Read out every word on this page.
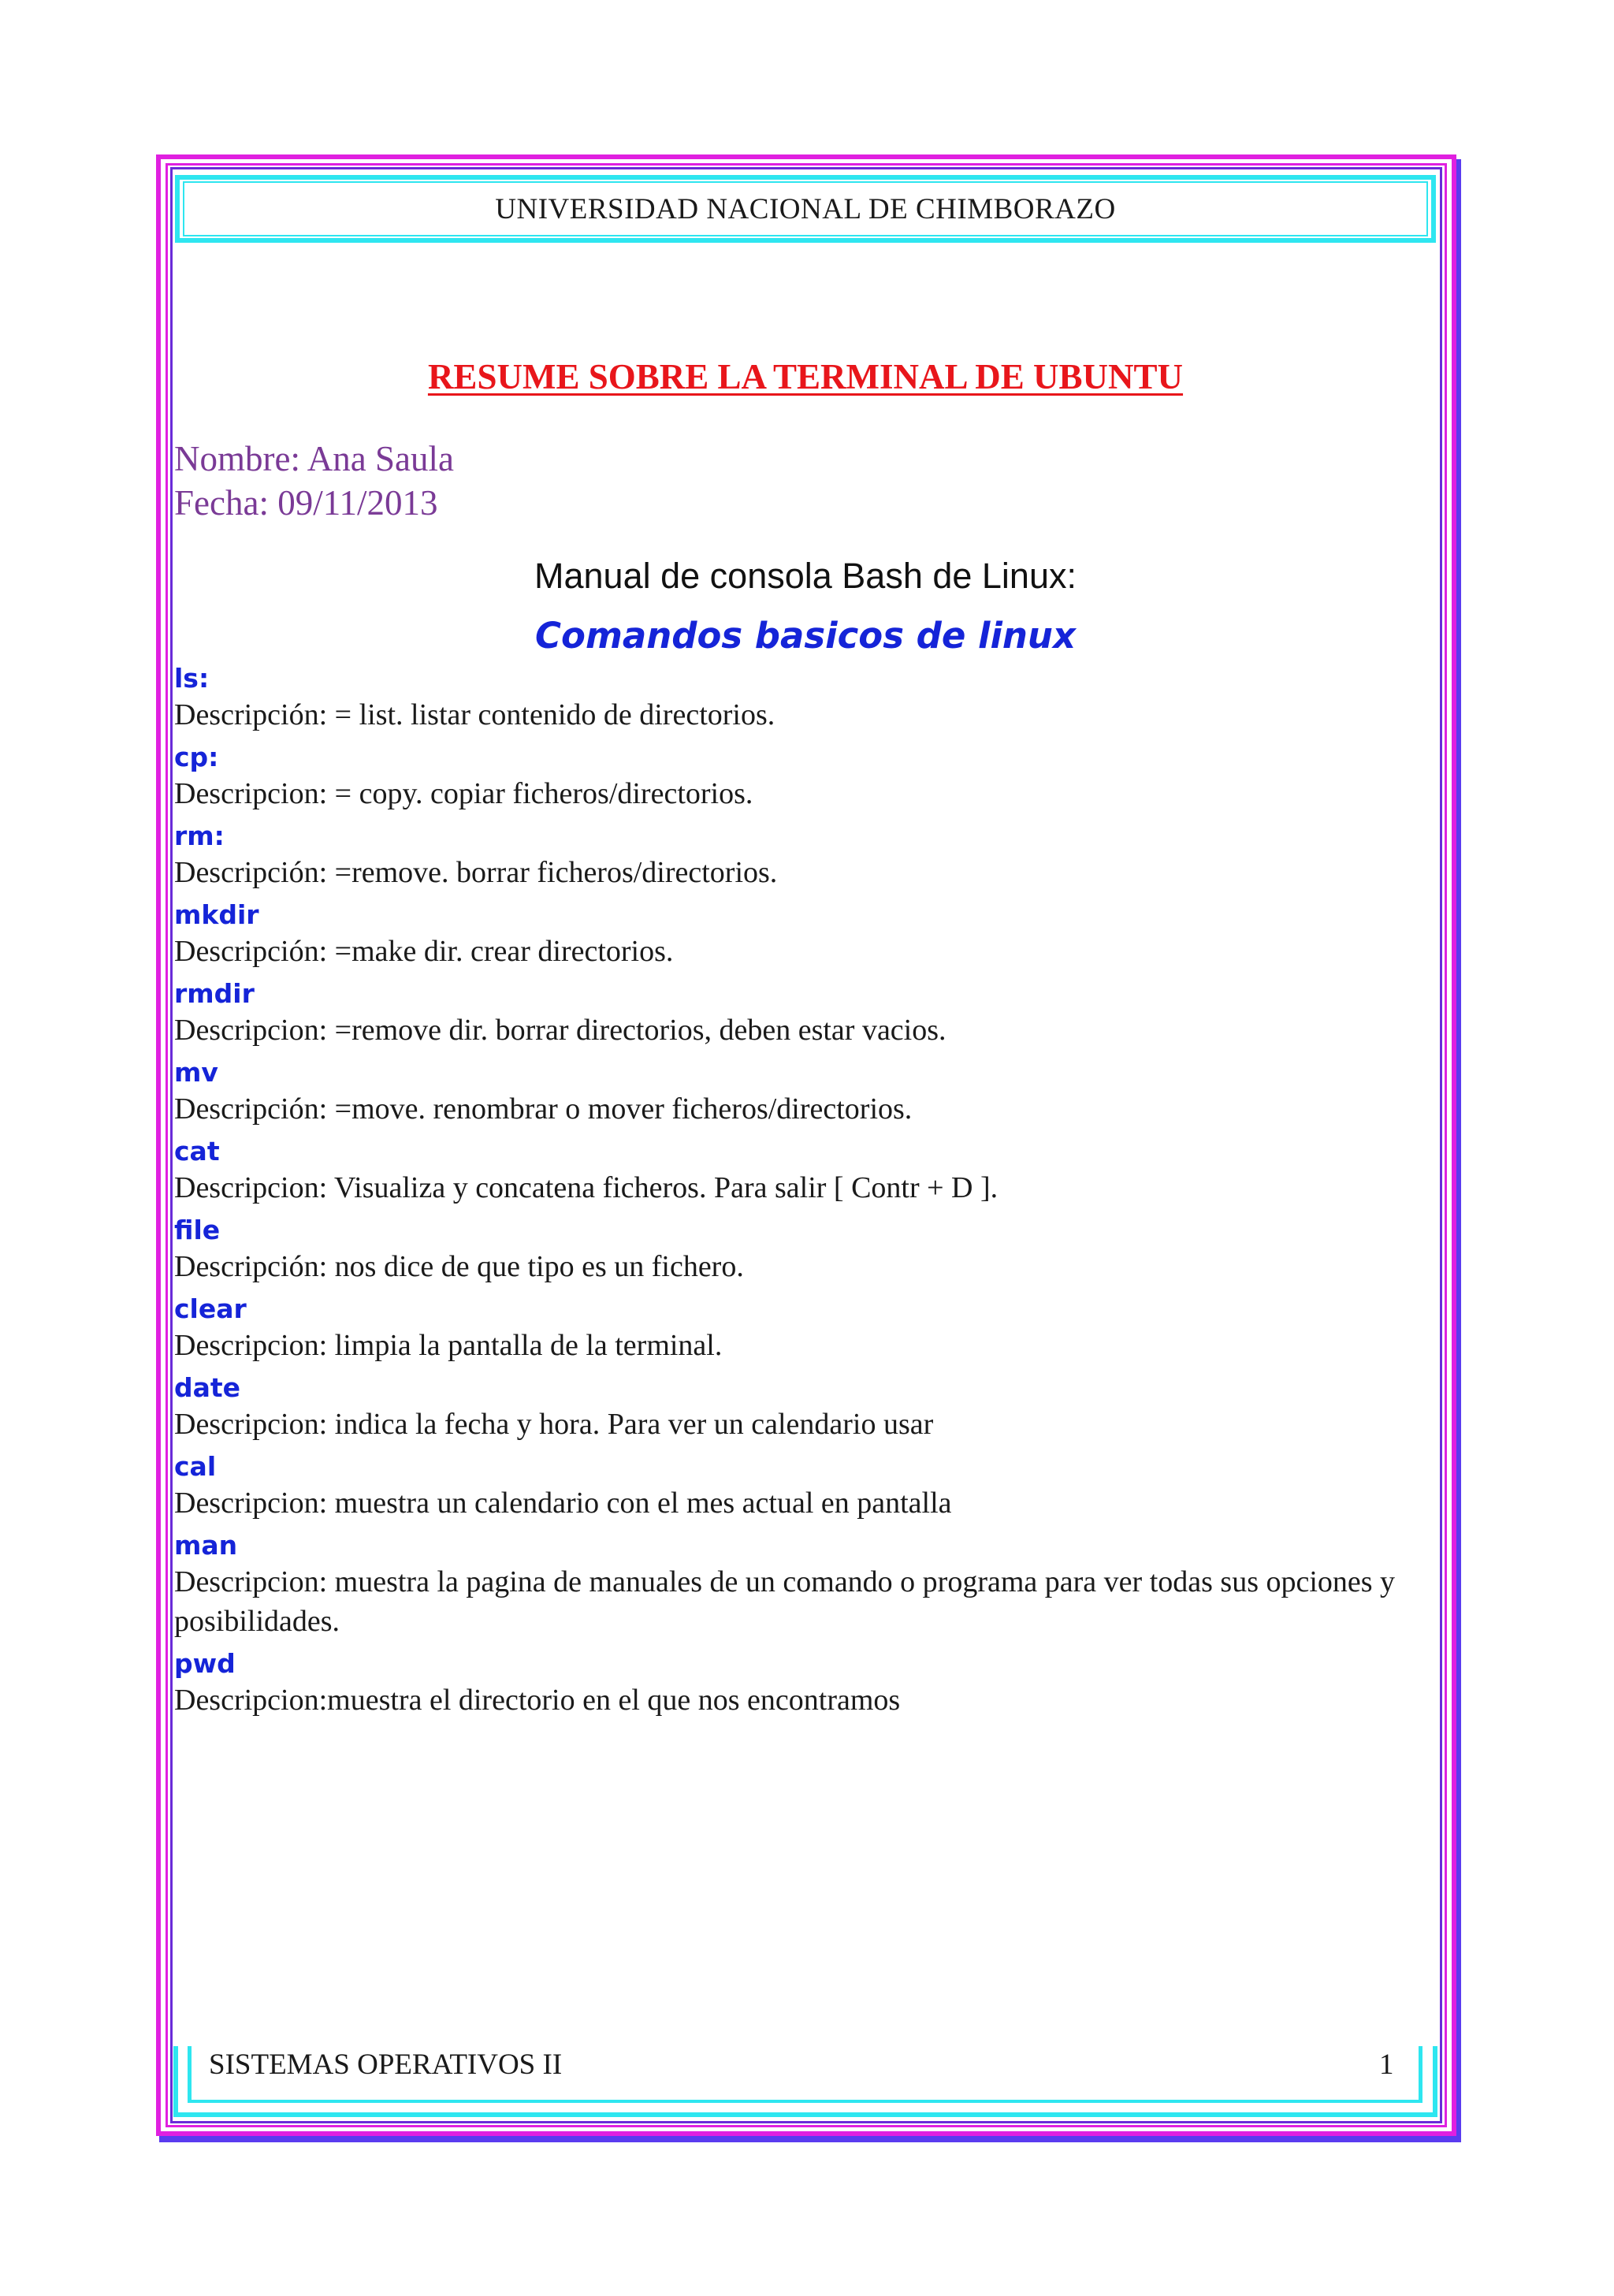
UNIVERSIDAD NACIONAL DE CHIMBORAZO
RESUME SOBRE LA TERMINAL DE UBUNTU
Nombre: Ana Saula
Fecha: 09/11/2013
Manual de consola Bash de Linux:
Comandos basicos de linux
ls:
Descripción: = list. listar contenido de directorios.
cp:
Descripcion: = copy. copiar ficheros/directorios.
rm:
Descripción: =remove. borrar ficheros/directorios.
mkdir
Descripción: =make dir. crear directorios.
rmdir
Descripcion: =remove dir. borrar directorios, deben estar vacios.
mv
Descripción: =move. renombrar o mover ficheros/directorios.
cat
Descripcion: Visualiza y concatena ficheros. Para salir [ Contr + D ].
file
Descripción: nos dice de que tipo es un fichero.
clear
Descripcion: limpia la pantalla de la terminal.
date
Descripcion: indica la fecha y hora. Para ver un calendario usar
cal
Descripcion: muestra un calendario con el mes actual en pantalla
man
Descripcion: muestra la pagina de manuales de un comando o programa para ver todas sus opciones y posibilidades.
pwd
Descripcion:muestra el directorio en el que nos encontramos
SISTEMAS OPERATIVOS II	1
